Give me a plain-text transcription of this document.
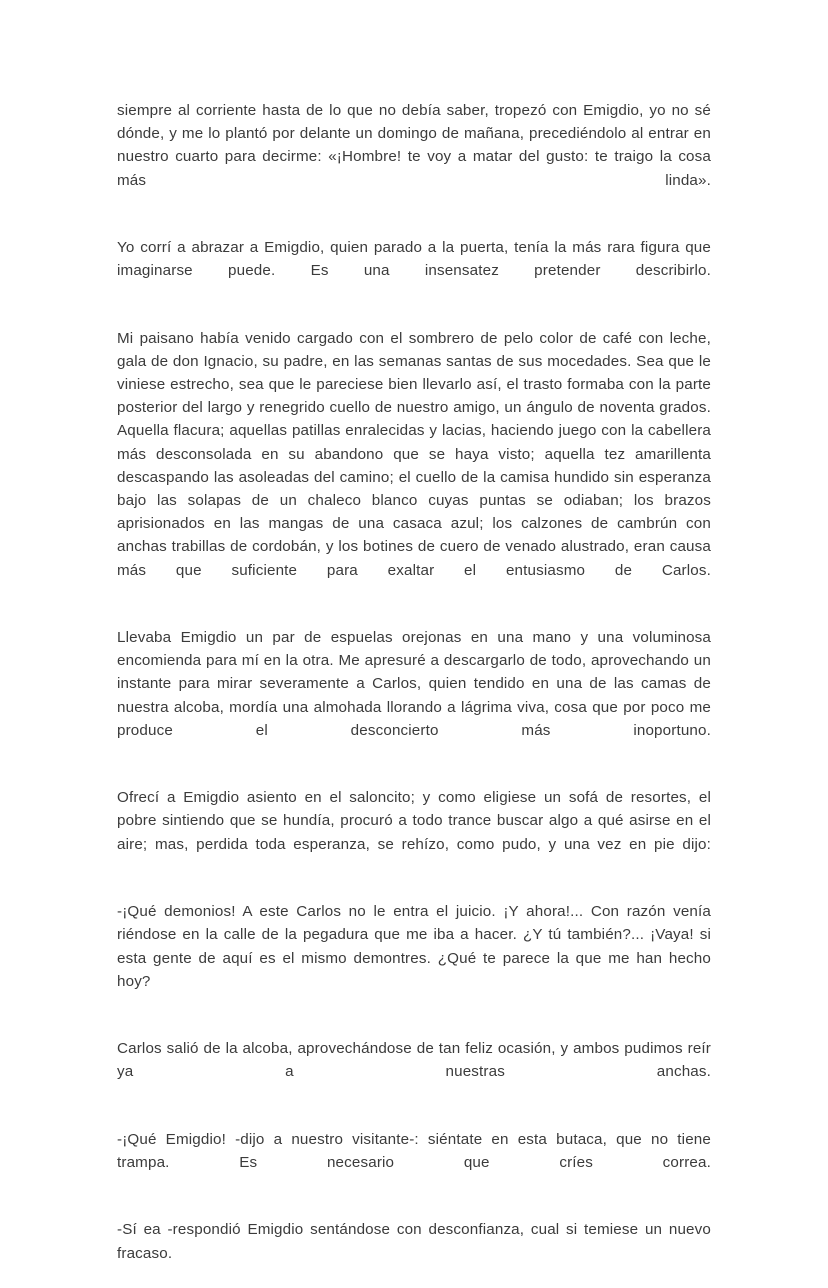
siempre al corriente hasta de lo que no debía saber, tropezó con Emigdio, yo no sé dónde, y me lo plantó por delante un domingo de mañana, precediéndolo al entrar en nuestro cuarto para decirme: «¡Hombre! te voy a matar del gusto: te traigo la cosa más linda».

Yo corrí a abrazar a Emigdio, quien parado a la puerta, tenía la más rara figura que imaginarse puede. Es una insensatez pretender describirlo.

Mi paisano había venido cargado con el sombrero de pelo color de café con leche, gala de don Ignacio, su padre, en las semanas santas de sus mocedades. Sea que le viniese estrecho, sea que le pareciese bien llevarlo así, el trasto formaba con la parte posterior del largo y renegrido cuello de nuestro amigo, un ángulo de noventa grados. Aquella flacura; aquellas patillas enralecidas y lacias, haciendo juego con la cabellera más desconsolada en su abandono que se haya visto; aquella tez amarillenta descaspando las asoleadas del camino; el cuello de la camisa hundido sin esperanza bajo las solapas de un chaleco blanco cuyas puntas se odiaban; los brazos aprisionados en las mangas de una casaca azul; los calzones de cambrún con anchas trabillas de cordobán, y los botines de cuero de venado alustrado, eran causa más que suficiente para exaltar el entusiasmo de Carlos.

Llevaba Emigdio un par de espuelas orejonas en una mano y una voluminosa encomienda para mí en la otra. Me apresuré a descargarlo de todo, aprovechando un instante para mirar severamente a Carlos, quien tendido en una de las camas de nuestra alcoba, mordía una almohada llorando a lágrima viva, cosa que por poco me produce el desconcierto más inoportuno.

Ofrecí a Emigdio asiento en el saloncito; y como eligiese un sofá de resortes, el pobre sintiendo que se hundía, procuró a todo trance buscar algo a qué asirse en el aire; mas, perdida toda esperanza, se rehízo, como pudo, y una vez en pie dijo:

-¡Qué demonios! A este Carlos no le entra el juicio. ¡Y ahora!... Con razón venía riéndose en la calle de la pegadura que me iba a hacer. ¿Y tú también?... ¡Vaya! si esta gente de aquí es el mismo demontres. ¿Qué te parece la que me han hecho hoy?

Carlos salió de la alcoba, aprovechándose de tan feliz ocasión, y ambos pudimos reír ya a nuestras anchas.

-¡Qué Emigdio! -dijo a nuestro visitante-: siéntate en esta butaca, que no tiene trampa. Es necesario que críes correa.

-Sí ea -respondió Emigdio sentándose con desconfianza, cual si temiese un nuevo fracaso.
